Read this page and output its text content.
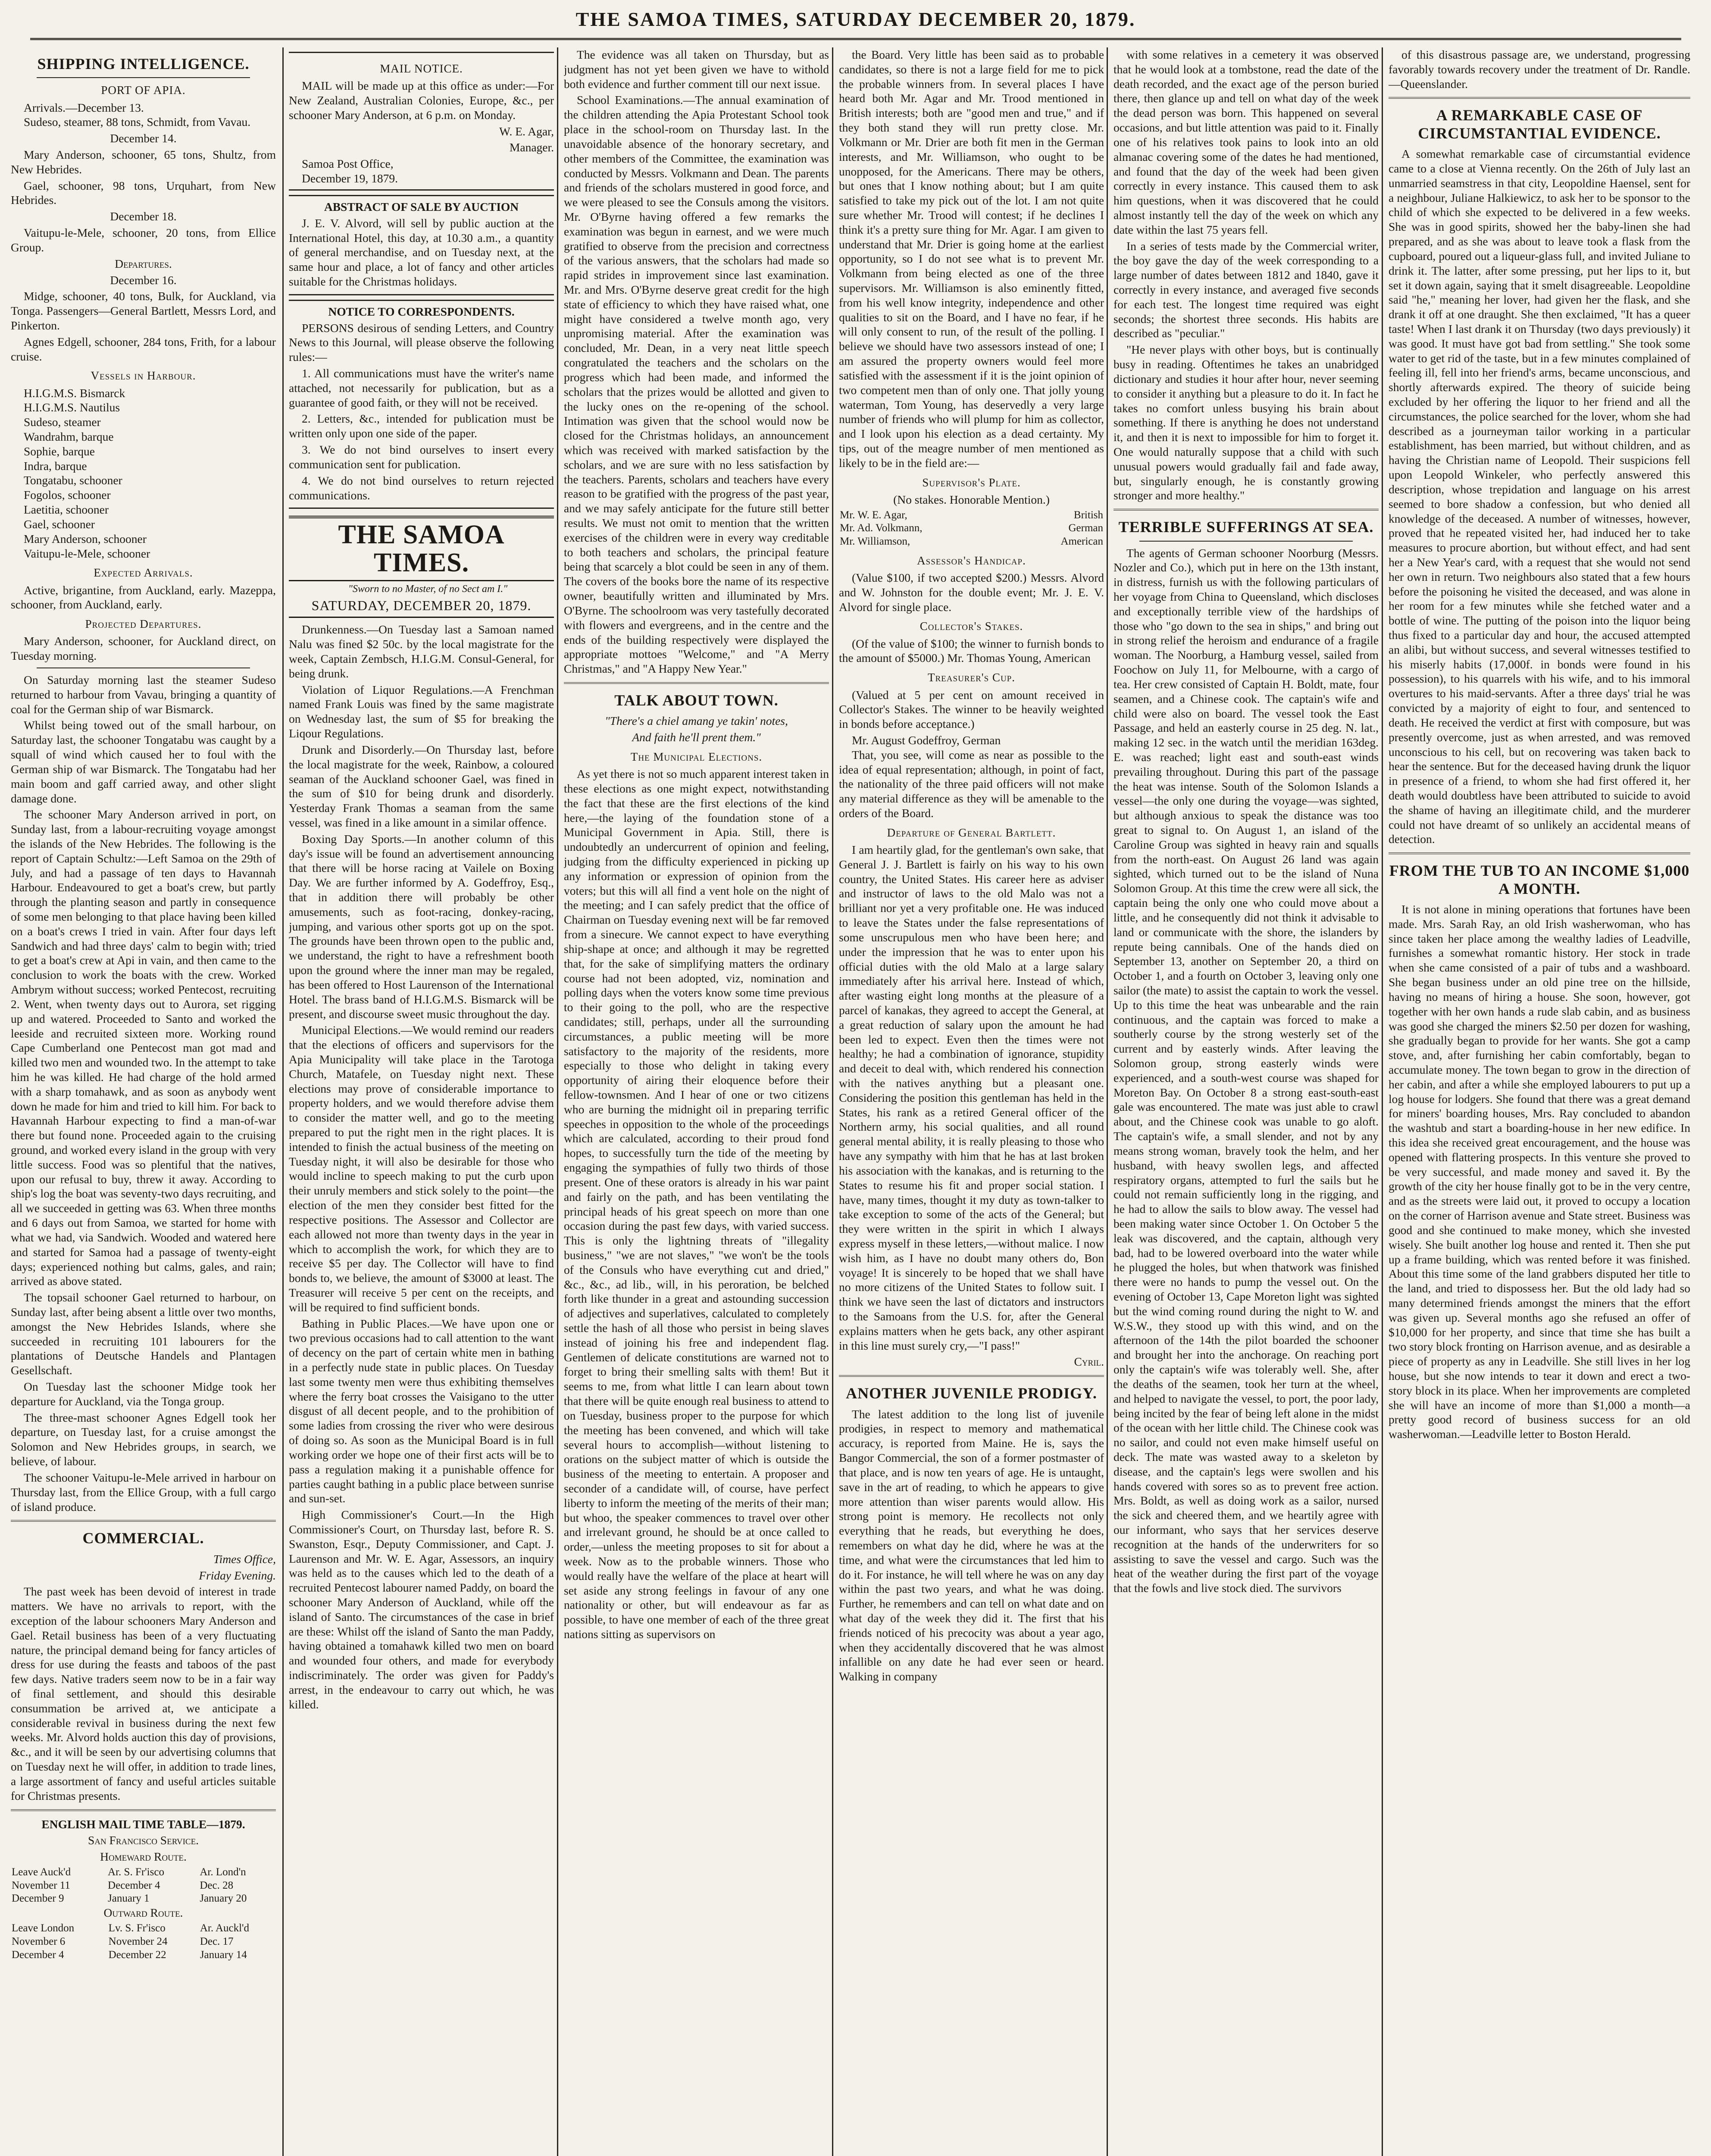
THE SAMOA TIMES, SATURDAY DECEMBER 20, 1879.
SHIPPING INTELLIGENCE.
PORT OF APIA.

Arrivals.—December 13.

Sudeso, steamer, 88 tons, Schmidt, from Vavau.

December 14.

Mary Anderson, schooner, 65 tons, Shultz, from New Hebrides.

Gael, schooner, 98 tons, Urquhart, from New Hebrides.

December 18.

Vaitupu-le-Mele, schooner, 20 tons, from Ellice Group.

Departures.

December 16.

Midge, schooner, 40 tons, Bulk, for Auckland, via Tonga. Passengers—General Bartlett, Messrs Lord, and Pinkerton.

Agnes Edgell, schooner, 284 tons, Frith, for a labour cruise.

Vessels in Harbour.

H.I.G.M.S. Bismarck

H.I.G.M.S. Nautilus

Sudeso, steamer

Wandrahm, barque

Sophie, barque

Indra, barque

Tongatabu, schooner

Fogolos, schooner

Laetitia, schooner

Gael, schooner

Mary Anderson, schooner

Vaitupu-le-Mele, schooner

Expected Arrivals.

Active, brigantine, from Auckland, early. Mazeppa, schooner, from Auckland, early.

Projected Departures.

Mary Anderson, schooner, for Auckland direct, on Tuesday morning.

On Saturday morning last the steamer Sudeso returned to harbour from Vavau, bringing a quantity of coal for the German ship of war Bismarck.

Whilst being towed out of the small harbour, on Saturday last, the schooner Tongatabu was caught by a squall of wind which caused her to foul with the German ship of war Bismarck. The Tongatabu had her main boom and gaff carried away, and other slight damage done.

The schooner Mary Anderson arrived in port, on Sunday last, from a labour-recruiting voyage amongst the islands of the New Hebrides. The following is the report of Captain Schultz:—Left Samoa on the 29th of July, and had a passage of ten days to Havannah Harbour. Endeavoured to get a boat's crew, but partly through the planting season and partly in consequence of some men belonging to that place having been killed on a boat's crews I tried in vain. After four days left Sandwich and had three days' calm to begin with; tried to get a boat's crew at Api in vain, and then came to the conclusion to work the boats with the crew. Worked Ambrym without success; worked Pentecost, recruiting 2. Went, when twenty days out to Aurora, set rigging up and watered. Proceeded to Santo and worked the leeside and recruited sixteen more. Working round Cape Cumberland one Pentecost man got mad and killed two men and wounded two. In the attempt to take him he was killed. He had charge of the hold armed with a sharp tomahawk, and as soon as anybody went down he made for him and tried to kill him. For back to Havannah Harbour expecting to find a man-of-war there but found none. Proceeded again to the cruising ground, and worked every island in the group with very little success. Food was so plentiful that the natives, upon our refusal to buy, threw it away. According to ship's log the boat was seventy-two days recruiting, and all we succeeded in getting was 63. When three months and 6 days out from Samoa, we started for home with what we had, via Sandwich. Wooded and watered here and started for Samoa had a passage of twenty-eight days; experienced nothing but calms, gales, and rain; arrived as above stated.

The topsail schooner Gael returned to harbour, on Sunday last, after being absent a little over two months, amongst the New Hebrides Islands, where she succeeded in recruiting 101 labourers for the plantations of Deutsche Handels and Plantagen Gesellschaft.

On Tuesday last the schooner Midge took her departure for Auckland, via the Tonga group.

The three-mast schooner Agnes Edgell took her departure, on Tuesday last, for a cruise amongst the Solomon and New Hebrides groups, in search, we believe, of labour.

The schooner Vaitupu-le-Mele arrived in harbour on Thursday last, from the Ellice Group, with a full cargo of island produce.

COMMERCIAL.

Times Office,

Friday Evening.

The past week has been devoid of interest in trade matters. We have no arrivals to report, with the exception of the labour schooners Mary Anderson and Gael. Retail business has been of a very fluctuating nature, the principal demand being for fancy articles of dress for use during the feasts and taboos of the past few days. Native traders seem now to be in a fair way of final settlement, and should this desirable consummation be arrived at, we anticipate a considerable revival in business during the next few weeks. Mr. Alvord holds auction this day of provisions, &c., and it will be seen by our advertising columns that on Tuesday next he will offer, in addition to trade lines, a large assortment of fancy and useful articles suitable for Christmas presents.

ENGLISH MAIL TIME TABLE—1879.

San Francisco Service.

Homeward Route.

Leave Auck'd	Ar. S. Fr'isco	Ar. Lond'n
November 11	December 4	Dec. 28
December 9	January 1	January 20

Outward Route.

Leave London	Lv. S. Fr'isco	Ar. Auckl'd
November 6	November 24	Dec. 17
December 4	December 22	January 14
MAIL NOTICE.

MAIL will be made up at this office as under:—For New Zealand, Australian Colonies, Europe, &c., per schooner Mary Anderson, at 6 p.m. on Monday.

W. E. Agar,

Manager.

Samoa Post Office,

December 19, 1879.

ABSTRACT OF SALE BY AUCTION

J. E. V. Alvord, will sell by public auction at the International Hotel, this day, at 10.30 a.m., a quantity of general merchandise, and on Tuesday next, at the same hour and place, a lot of fancy and other articles suitable for the Christmas holidays.

NOTICE TO CORRESPONDENTS.

PERSONS desirous of sending Letters, and Country News to this Journal, will please observe the following rules:—

1. All communications must have the writer's name attached, not necessarily for publication, but as a guarantee of good faith, or they will not be received.

2. Letters, &c., intended for publication must be written only upon one side of the paper.

3. We do not bind ourselves to insert every communication sent for publication.

4. We do not bind ourselves to return rejected communications.

THE SAMOA TIMES.

"Sworn to no Master, of no Sect am I."

SATURDAY, DECEMBER 20, 1879.

Drunkenness.—On Tuesday last a Samoan named Nalu was fined $2 50c. by the local magistrate for the week, Captain Zembsch, H.I.G.M. Consul-General, for being drunk.

Violation of Liquor Regulations.—A Frenchman named Frank Louis was fined by the same magistrate on Wednesday last, the sum of $5 for breaking the Liqour Regulations.

Drunk and Disorderly.—On Thursday last, before the local magistrate for the week, Rainbow, a coloured seaman of the Auckland schooner Gael, was fined in the sum of $10 for being drunk and disorderly. Yesterday Frank Thomas a seaman from the same vessel, was fined in a like amount in a similar offence.

Boxing Day Sports.—In another column of this day's issue will be found an advertisement announcing that there will be horse racing at Vailele on Boxing Day. We are further informed by A. Godeffroy, Esq., that in addition there will probably be other amusements, such as foot-racing, donkey-racing, jumping, and various other sports got up on the spot. The grounds have been thrown open to the public and, we understand, the right to have a refreshment booth upon the ground where the inner man may be regaled, has been offered to Host Laurenson of the International Hotel. The brass band of H.I.G.M.S. Bismarck will be present, and discourse sweet music throughout the day.

Municipal Elections.—We would remind our readers that the elections of officers and supervisors for the Apia Municipality will take place in the Tarotoga Church, Matafele, on Tuesday night next. These elections may prove of considerable importance to property holders, and we would therefore advise them to consider the matter well, and go to the meeting prepared to put the right men in the right places. It is intended to finish the actual business of the meeting on Tuesday night, it will also be desirable for those who would incline to speech making to put the curb upon their unruly members and stick solely to the point—the election of the men they consider best fitted for the respective positions. The Assessor and Collector are each allowed not more than twenty days in the year in which to accomplish the work, for which they are to receive $5 per day. The Collector will have to find bonds to, we believe, the amount of $3000 at least. The Treasurer will receive 5 per cent on the receipts, and will be required to find sufficient bonds.

Bathing in Public Places.—We have upon one or two previous occasions had to call attention to the want of decency on the part of certain white men in bathing in a perfectly nude state in public places. On Tuesday last some twenty men were thus exhibiting themselves where the ferry boat crosses the Vaisigano to the utter disgust of all decent people, and to the prohibition of some ladies from crossing the river who were desirous of doing so. As soon as the Municipal Board is in full working order we hope one of their first acts will be to pass a regulation making it a punishable offence for parties caught bathing in a public place between sunrise and sun-set.

High Commissioner's Court.—In the High Commissioner's Court, on Thursday last, before R. S. Swanston, Esqr., Deputy Commissioner, and Capt. J. Laurenson and Mr. W. E. Agar, Assessors, an inquiry was held as to the causes which led to the death of a recruited Pentecost labourer named Paddy, on board the schooner Mary Anderson of Auckland, while off the island of Santo. The circumstances of the case in brief are these: Whilst off the island of Santo the man Paddy, having obtained a tomahawk killed two men on board and wounded four others, and made for everybody indiscriminately. The order was given for Paddy's arrest, in the endeavour to carry out which, he was killed.

The evidence was all taken on Thursday, but as judgment has not yet been given we have to withold both evidence and further comment till our next issue.

School Examinations.—The annual examination of the children attending the Apia Protestant School took place in the school-room on Thursday last. In the unavoidable absence of the honorary secretary, and other members of the Committee, the examination was conducted by Messrs. Volkmann and Dean. The parents and friends of the scholars mustered in good force, and we were pleased to see the Consuls among the visitors. Mr. O'Byrne having offered a few remarks the examination was begun in earnest, and we were much gratified to observe from the precision and correctness of the various answers, that the scholars had made so rapid strides in improvement since last examination. Mr. and Mrs. O'Byrne deserve great credit for the high state of efficiency to which they have raised what, one might have considered a twelve month ago, very unpromising material. After the examination was concluded, Mr. Dean, in a very neat little speech congratulated the teachers and the scholars on the progress which had been made, and informed the scholars that the prizes would be allotted and given to the lucky ones on the re-opening of the school. Intimation was given that the school would now be closed for the Christmas holidays, an announcement which was received with marked satisfaction by the scholars, and we are sure with no less satisfaction by the teachers. Parents, scholars and teachers have every reason to be gratified with the progress of the past year, and we may safely anticipate for the future still better results. We must not omit to mention that the written exercises of the children were in every way creditable to both teachers and scholars, the principal feature being that scarcely a blot could be seen in any of them. The covers of the books bore the name of its respective owner, beautifully written and illuminated by Mrs. O'Byrne. The schoolroom was very tastefully decorated with flowers and evergreens, and in the centre and the ends of the building respectively were displayed the appropriate mottoes "Welcome," and "A Merry Christmas," and "A Happy New Year."

TALK ABOUT TOWN.

"There's a chiel amang ye takin' notes,

And faith he'll prent them."

The Municipal Elections.

As yet there is not so much apparent interest taken in these elections as one might expect, notwithstanding the fact that these are the first elections of the kind here,—the laying of the foundation stone of a Municipal Government in Apia. Still, there is undoubtedly an undercurrent of opinion and feeling, judging from the difficulty experienced in picking up any information or expression of opinion from the voters; but this will all find a vent hole on the night of the meeting; and I can safely predict that the office of Chairman on Tuesday evening next will be far removed from a sinecure. We cannot expect to have everything ship-shape at once; and although it may be regretted that, for the sake of simplifying matters the ordinary course had not been adopted, viz, nomination and polling days when the voters know some time previous to their going to the poll, who are the respective candidates; still, perhaps, under all the surrounding circumstances, a public meeting will be more satisfactory to the majority of the residents, more especially to those who delight in taking every opportunity of airing their eloquence before their fellow-townsmen. And I hear of one or two citizens who are burning the midnight oil in preparing terrific speeches in opposition to the whole of the proceedings which are calculated, according to their proud fond hopes, to successfully turn the tide of the meeting by engaging the sympathies of fully two thirds of those present. One of these orators is already in his war paint and fairly on the path, and has been ventilating the principal heads of his great speech on more than one occasion during the past few days, with varied success. This is only the lightning threats of "illegality business," "we are not slaves," "we won't be the tools of the Consuls who have everything cut and dried," &c., &c., ad lib., will, in his peroration, be belched forth like thunder in a great and astounding succession of adjectives and superlatives, calculated to completely settle the hash of all those who persist in being slaves instead of joining his free and independent flag. Gentlemen of delicate constitutions are warned not to forget to bring their smelling salts with them! But it seems to me, from what little I can learn about town that there will be quite enough real business to attend to on Tuesday, business proper to the purpose for which the meeting has been convened, and which will take several hours to accomplish—without listening to orations on the subject matter of which is outside the business of the meeting to entertain. A proposer and seconder of a candidate will, of course, have perfect liberty to inform the meeting of the merits of their man; but whoo, the speaker commences to travel over other and irrelevant ground, he should be at once called to order,—unless the meeting proposes to sit for about a week. Now as to the probable winners. Those who would really have the welfare of the place at heart will set aside any strong feelings in favour of any one nationality or other, but will endeavour as far as possible, to have one member of each of the three great nations sitting as supervisors on

the Board. Very little has been said as to probable candidates, so there is not a large field for me to pick the probable winners from. In several places I have heard both Mr. Agar and Mr. Trood mentioned in British interests; both are "good men and true," and if they both stand they will run pretty close. Mr. Volkmann or Mr. Drier are both fit men in the German interests, and Mr. Williamson, who ought to be unopposed, for the Americans. There may be others, but ones that I know nothing about; but I am quite satisfied to take my pick out of the lot. I am not quite sure whether Mr. Trood will contest; if he declines I think it's a pretty sure thing for Mr. Agar. I am given to understand that Mr. Drier is going home at the earliest opportunity, so I do not see what is to prevent Mr. Volkmann from being elected as one of the three supervisors. Mr. Williamson is also eminently fitted, from his well know integrity, independence and other qualities to sit on the Board, and I have no fear, if he will only consent to run, of the result of the polling. I believe we should have two assessors instead of one; I am assured the property owners would feel more satisfied with the assessment if it is the joint opinion of two competent men than of only one. That jolly young waterman, Tom Young, has deservedly a very large number of friends who will plump for him as collector, and I look upon his election as a dead certainty. My tips, out of the meagre number of men mentioned as likely to be in the field are:—

Supervisor's Plate.

(No stakes. Honorable Mention.)

Mr. W. E. Agar,	British
Mr. Ad. Volkmann,	German
Mr. Williamson,	American
Assessor's Handicap.

(Value $100, if two accepted $200.) Messrs. Alvord and W. Johnston for the double event; Mr. J. E. V. Alvord for single place.

Collector's Stakes.

(Of the value of $100; the winner to furnish bonds to the amount of $5000.) Mr. Thomas Young, American

Treasurer's Cup.

(Valued at 5 per cent on amount received in Collector's Stakes. The winner to be heavily weighted in bonds before acceptance.)

Mr. August Godeffroy, German

That, you see, will come as near as possible to the idea of equal representation; although, in point of fact, the nationality of the three paid officers will not make any material difference as they will be amenable to the orders of the Board.

Departure of General Bartlett.

I am heartily glad, for the gentleman's own sake, that General J. J. Bartlett is fairly on his way to his own country, the United States. His career here as adviser and instructor of laws to the old Malo was not a brilliant nor yet a very profitable one. He was induced to leave the States under the false representations of some unscrupulous men who have been here; and under the impression that he was to enter upon his official duties with the old Malo at a large salary immediately after his arrival here. Instead of which, after wasting eight long months at the pleasure of a parcel of kanakas, they agreed to accept the General, at a great reduction of salary upon the amount he had been led to expect. Even then the times were not healthy; he had a combination of ignorance, stupidity and deceit to deal with, which rendered his connection with the natives anything but a pleasant one. Considering the position this gentleman has held in the States, his rank as a retired General officer of the Northern army, his social qualities, and all round general mental ability, it is really pleasing to those who have any sympathy with him that he has at last broken his association with the kanakas, and is returning to the States to resume his fit and proper social station. I have, many times, thought it my duty as town-talker to take exception to some of the acts of the General; but they were written in the spirit in which I always express myself in these letters,—without malice. I now wish him, as I have no doubt many others do, Bon voyage! It is sincerely to be hoped that we shall have no more citizens of the United States to follow suit. I think we have seen the last of dictators and instructors to the Samoans from the U.S. for, after the General explains matters when he gets back, any other aspirant in this line must surely cry,—"I pass!"

Cyril.

ANOTHER JUVENILE PRODIGY.

The latest addition to the long list of juvenile prodigies, in respect to memory and mathematical accuracy, is reported from Maine. He is, says the Bangor Commercial, the son of a former postmaster of that place, and is now ten years of age. He is untaught, save in the art of reading, to which he appears to give more attention than wiser parents would allow. His strong point is memory. He recollects not only everything that he reads, but everything he does, remembers on what day he did, where he was at the time, and what were the circumstances that led him to do it. For instance, he will tell where he was on any day within the past two years, and what he was doing. Further, he remembers and can tell on what date and on what day of the week they did it. The first that his friends noticed of his precocity was about a year ago, when they accidentally discovered that he was almost infallible on any date he had ever seen or heard. Walking in company

with some relatives in a cemetery it was observed that he would look at a tombstone, read the date of the death recorded, and the exact age of the person buried there, then glance up and tell on what day of the week the dead person was born. This happened on several occasions, and but little attention was paid to it. Finally one of his relatives took pains to look into an old almanac covering some of the dates he had mentioned, and found that the day of the week had been given correctly in every instance. This caused them to ask him questions, when it was discovered that he could almost instantly tell the day of the week on which any date within the last 75 years fell.

In a series of tests made by the Commercial writer, the boy gave the day of the week corresponding to a large number of dates between 1812 and 1840, gave it correctly in every instance, and averaged five seconds for each test. The longest time required was eight seconds; the shortest three seconds. His habits are described as "peculiar."

"He never plays with other boys, but is continually busy in reading. Oftentimes he takes an unabridged dictionary and studies it hour after hour, never seeming to consider it anything but a pleasure to do it. In fact he takes no comfort unless busying his brain about something. If there is anything he does not understand it, and then it is next to impossible for him to forget it. One would naturally suppose that a child with such unusual powers would gradually fail and fade away, but, singularly enough, he is constantly growing stronger and more healthy."

TERRIBLE SUFFERINGS AT SEA.

The agents of German schooner Noorburg (Messrs. Nozler and Co.), which put in here on the 13th instant, in distress, furnish us with the following particulars of her voyage from China to Queensland, which discloses and exceptionally terrible view of the hardships of those who "go down to the sea in ships," and bring out in strong relief the heroism and endurance of a fragile woman. The Noorburg, a Hamburg vessel, sailed from Foochow on July 11, for Melbourne, with a cargo of tea. Her crew consisted of Captain H. Boldt, mate, four seamen, and a Chinese cook. The captain's wife and child were also on board. The vessel took the East Passage, and held an easterly course in 25 deg. N. lat., making 12 sec. in the watch until the meridian 163deg. E. was reached; light east and south-east winds prevailing throughout. During this part of the passage the heat was intense. South of the Solomon Islands a vessel—the only one during the voyage—was sighted, but although anxious to speak the distance was too great to signal to. On August 1, an island of the Caroline Group was sighted in heavy rain and squalls from the north-east. On August 26 land was again sighted, which turned out to be the island of Nuna Solomon Group. At this time the crew were all sick, the captain being the only one who could move about a little, and he consequently did not think it advisable to land or communicate with the shore, the islanders by repute being cannibals. One of the hands died on September 13, another on September 20, a third on October 1, and a fourth on October 3, leaving only one sailor (the mate) to assist the captain to work the vessel. Up to this time the heat was unbearable and the rain continuous, and the captain was forced to make a southerly course by the strong westerly set of the current and by easterly winds. After leaving the Solomon group, strong easterly winds were experienced, and a south-west course was shaped for Moreton Bay. On October 8 a strong east-south-east gale was encountered. The mate was just able to crawl about, and the Chinese cook was unable to go aloft. The captain's wife, a small slender, and not by any means strong woman, bravely took the helm, and her husband, with heavy swollen legs, and affected respiratory organs, attempted to furl the sails but he could not remain sufficiently long in the rigging, and he had to allow the sails to blow away. The vessel had been making water since October 1. On October 5 the leak was discovered, and the captain, although very bad, had to be lowered overboard into the water while he plugged the holes, but when thatwork was finished there were no hands to pump the vessel out. On the evening of October 13, Cape Moreton light was sighted but the wind coming round during the night to W. and W.S.W., they stood up with this wind, and on the afternoon of the 14th the pilot boarded the schooner and brought her into the anchorage. On reaching port only the captain's wife was tolerably well. She, after the deaths of the seamen, took her turn at the wheel, and helped to navigate the vessel, to port, the poor lady, being incited by the fear of being left alone in the midst of the ocean with her little child. The Chinese cook was no sailor, and could not even make himself useful on deck. The mate was wasted away to a skeleton by disease, and the captain's legs were swollen and his hands covered with sores so as to prevent free action. Mrs. Boldt, as well as doing work as a sailor, nursed the sick and cheered them, and we heartily agree with our informant, who says that her services deserve recognition at the hands of the underwriters for so assisting to save the vessel and cargo. Such was the heat of the weather during the first part of the voyage that the fowls and live stock died. The survivors

of this disastrous passage are, we understand, progressing favorably towards recovery under the treatment of Dr. Randle.—Queenslander.

A REMARKABLE CASE OF CIRCUMSTANTIAL EVIDENCE.

A somewhat remarkable case of circumstantial evidence came to a close at Vienna recently. On the 26th of July last an unmarried seamstress in that city, Leopoldine Haensel, sent for a neighbour, Juliane Halkiewicz, to ask her to be sponsor to the child of which she expected to be delivered in a few weeks. She was in good spirits, showed her the baby-linen she had prepared, and as she was about to leave took a flask from the cupboard, poured out a liqueur-glass full, and invited Juliane to drink it. The latter, after some pressing, put her lips to it, but set it down again, saying that it smelt disagreeable. Leopoldine said "he," meaning her lover, had given her the flask, and she drank it off at one draught. She then exclaimed, "It has a queer taste! When I last drank it on Thursday (two days previously) it was good. It must have got bad from settling." She took some water to get rid of the taste, but in a few minutes complained of feeling ill, fell into her friend's arms, became unconscious, and shortly afterwards expired. The theory of suicide being excluded by her offering the liquor to her friend and all the circumstances, the police searched for the lover, whom she had described as a journeyman tailor working in a particular establishment, has been married, but without children, and as having the Christian name of Leopold. Their suspicions fell upon Leopold Winkeler, who perfectly answered this description, whose trepidation and language on his arrest seemed to bore shadow a confession, but who denied all knowledge of the deceased. A number of witnesses, however, proved that he repeated visited her, had induced her to take measures to procure abortion, but without effect, and had sent her a New Year's card, with a request that she would not send her own in return. Two neighbours also stated that a few hours before the poisoning he visited the deceased, and was alone in her room for a few minutes while she fetched water and a bottle of wine. The putting of the poison into the liquor being thus fixed to a particular day and hour, the accused attempted an alibi, but without success, and several witnesses testified to his miserly habits (17,000f. in bonds were found in his possession), to his quarrels with his wife, and to his immoral overtures to his maid-servants. After a three days' trial he was convicted by a majority of eight to four, and sentenced to death. He received the verdict at first with composure, but was presently overcome, just as when arrested, and was removed unconscious to his cell, but on recovering was taken back to hear the sentence. But for the deceased having drunk the liquor in presence of a friend, to whom she had first offered it, her death would doubtless have been attributed to suicide to avoid the shame of having an illegitimate child, and the murderer could not have dreamt of so unlikely an accidental means of detection.

FROM THE TUB TO AN INCOME $1,000 A MONTH.

It is not alone in mining operations that fortunes have been made. Mrs. Sarah Ray, an old Irish washerwoman, who has since taken her place among the wealthy ladies of Leadville, furnishes a somewhat romantic history. Her stock in trade when she came consisted of a pair of tubs and a washboard. She began business under an old pine tree on the hillside, having no means of hiring a house. She soon, however, got together with her own hands a rude slab cabin, and as business was good she charged the miners $2.50 per dozen for washing, she gradually began to provide for her wants. She got a camp stove, and, after furnishing her cabin comfortably, began to accumulate money. The town began to grow in the direction of her cabin, and after a while she employed labourers to put up a log house for lodgers. She found that there was a great demand for miners' boarding houses, Mrs. Ray concluded to abandon the washtub and start a boarding-house in her new edifice. In this idea she received great encouragement, and the house was opened with flattering prospects. In this venture she proved to be very successful, and made money and saved it. By the growth of the city her house finally got to be in the very centre, and as the streets were laid out, it proved to occupy a location on the corner of Harrison avenue and State street. Business was good and she continued to make money, which she invested wisely. She built another log house and rented it. Then she put up a frame building, which was rented before it was finished. About this time some of the land grabbers disputed her title to the land, and tried to dispossess her. But the old lady had so many determined friends amongst the miners that the effort was given up. Several months ago she refused an offer of $10,000 for her property, and since that time she has built a two story block fronting on Harrison avenue, and as desirable a piece of property as any in Leadville. She still lives in her log house, but she now intends to tear it down and erect a two-story block in its place. When her improvements are completed she will have an income of more than $1,000 a month—a pretty good record of business success for an old washerwoman.—Leadville letter to Boston Herald.
